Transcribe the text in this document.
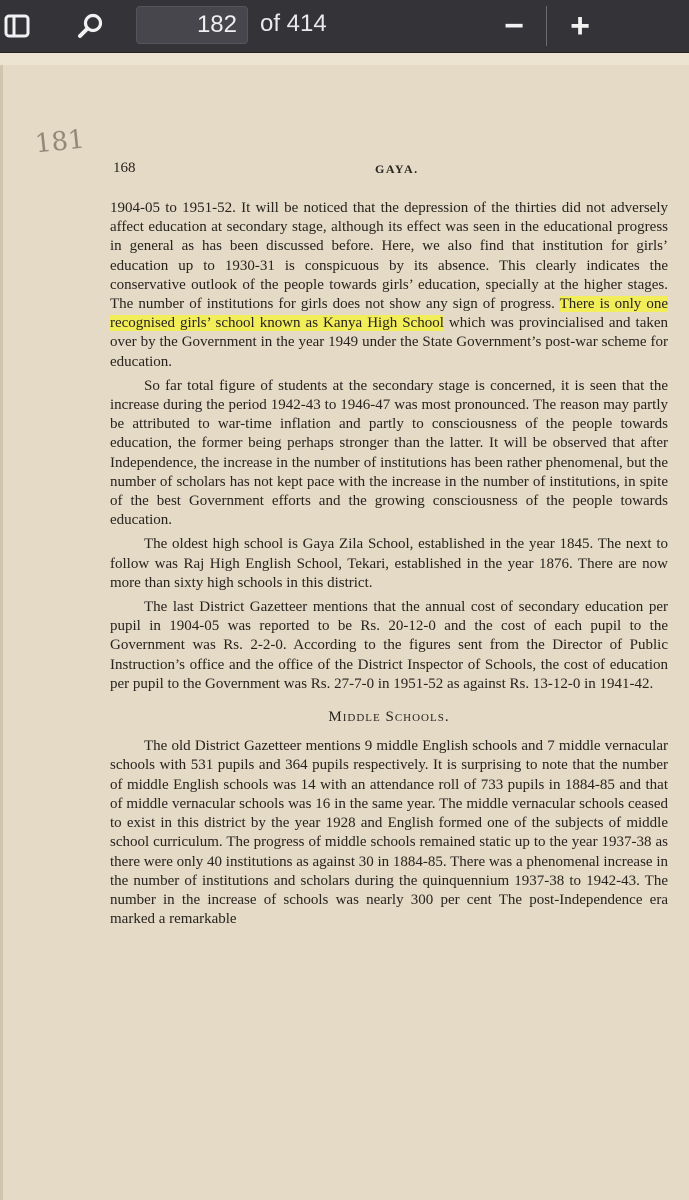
182 of 414	− +
181
168	GAYA.

1904-05 to 1951-52. It will be noticed that the depression of the thirties did not adversely affect education at secondary stage, although its effect was seen in the educational progress in general as has been discussed before. Here, we also find that institution for girls’ education up to 1930-31 is conspicuous by its absence. This clearly indicates the conservative outlook of the people towards girls’ education, specially at the higher stages. The number of institutions for girls does not show any sign of progress. There is only one recognised girls’ school known as Kanya High School which was provincialised and taken over by the Government in the year 1949 under the State Government’s post-war scheme for education.

So far total figure of students at the secondary stage is concerned, it is seen that the increase during the period 1942-43 to 1946-47 was most pronounced. The reason may partly be attributed to war-time inflation and partly to consciousness of the people towards education, the former being perhaps stronger than the latter. It will be observed that after Independence, the increase in the number of institutions has been rather phenomenal, but the number of scholars has not kept pace with the increase in the number of institutions, in spite of the best Government efforts and the growing consciousness of the people towards education.

The oldest high school is Gaya Zila School, established in the year 1845. The next to follow was Raj High English School, Tekari, established in the year 1876. There are now more than sixty high schools in this district.

The last District Gazetteer mentions that the annual cost of secondary education per pupil in 1904-05 was reported to be Rs. 20-12-0 and the cost of each pupil to the Government was Rs. 2-2-0. According to the figures sent from the Director of Public Instruction’s office and the office of the District Inspector of Schools, the cost of education per pupil to the Government was Rs. 27-7-0 in 1951-52 as against Rs. 13-12-0 in 1941-42.

Middle Schools.

The old District Gazetteer mentions 9 middle English schools and 7 middle vernacular schools with 531 pupils and 364 pupils respectively. It is surprising to note that the number of middle English schools was 14 with an attendance roll of 733 pupils in 1884-85 and that of middle vernacular schools was 16 in the same year. The middle vernacular schools ceased to exist in this district by the year 1928 and English formed one of the subjects of middle school curriculum. The progress of middle schools remained static up to the year 1937-38 as there were only 40 institutions as against 30 in 1884-85. There was a phenomenal increase in the number of institutions and scholars during the quinquennium 1937-38 to 1942-43. The number in the increase of schools was nearly 300 per cent The post-Independence era marked a remarkable
